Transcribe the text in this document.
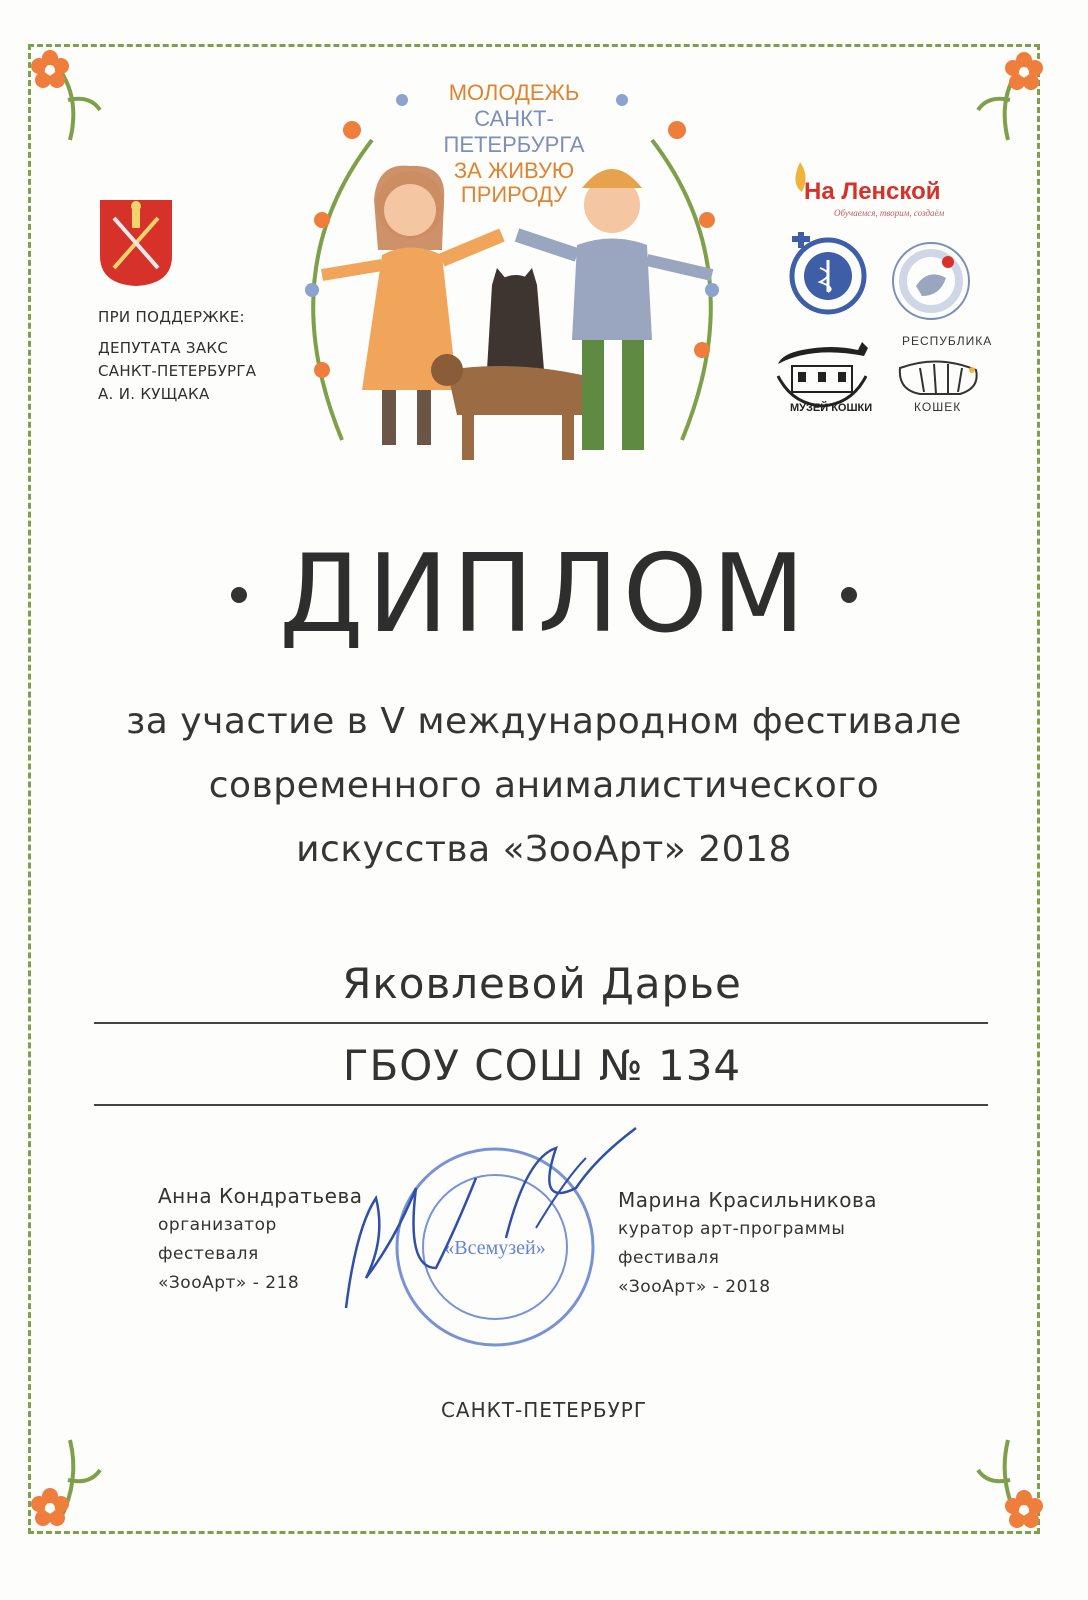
ПРИ ПОДДЕРЖКЕ:
ДЕПУТАТА ЗАКС
САНКТ-ПЕТЕРБУРГА
А. И. КУЩАКА
МОЛОДЕЖЬ
САНКТ-
ПЕТЕРБУРГА
ЗА ЖИВУЮ
ПРИРОДУ	На Ленской
Обучаемся, творим, создаём
МУЗЕЙ КОШКИ
РЕСПУБЛИКА
КОШЕК
ДИПЛОМ
за участие в V международном фестивале
современного анималистического
искусства «ЗооАрт» 2018
Яковлевой Дарье
ГБОУ СОШ № 134
«Всемузей»
Анна Кондратьева
организатор
фестеваля
«ЗооАрт» - 218
Марина Красильникова
куратор арт-программы
фестиваля
«ЗооАрт» - 2018
САНКТ-ПЕТЕРБУРГ
